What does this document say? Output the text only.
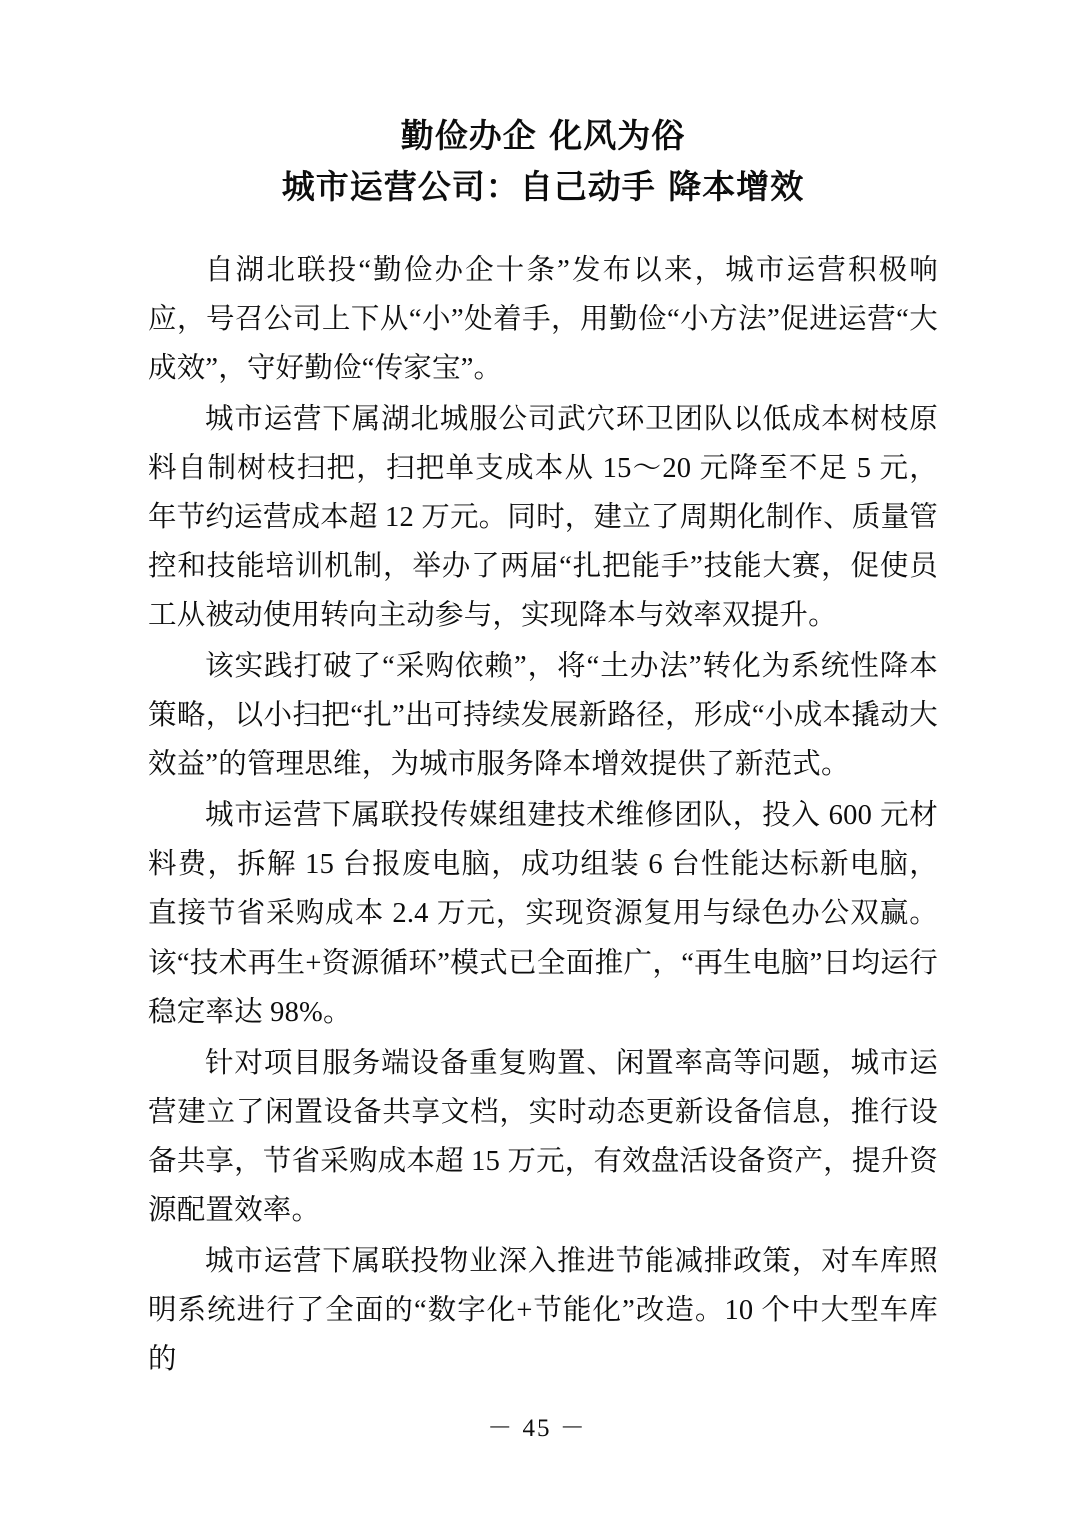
勤俭办企 化风为俗
城市运营公司：自己动手 降本增效

自湖北联投“勤俭办企十条”发布以来，城市运营积极响应，号召公司上下从“小”处着手，用勤俭“小方法”促进运营“大成效”，守好勤俭“传家宝”。

城市运营下属湖北城服公司武穴环卫团队以低成本树枝原料自制树枝扫把，扫把单支成本从 15～20 元降至不足 5 元，年节约运营成本超 12 万元。同时，建立了周期化制作、质量管控和技能培训机制，举办了两届“扎把能手”技能大赛，促使员工从被动使用转向主动参与，实现降本与效率双提升。

该实践打破了“采购依赖”，将“土办法”转化为系统性降本策略，以小扫把“扎”出可持续发展新路径，形成“小成本撬动大效益”的管理思维，为城市服务降本增效提供了新范式。

城市运营下属联投传媒组建技术维修团队，投入 600 元材料费，拆解 15 台报废电脑，成功组装 6 台性能达标新电脑，直接节省采购成本 2.4 万元，实现资源复用与绿色办公双赢。该“技术再生+资源循环”模式已全面推广，“再生电脑”日均运行稳定率达 98%。

针对项目服务端设备重复购置、闲置率高等问题，城市运营建立了闲置设备共享文档，实时动态更新设备信息，推行设备共享，节省采购成本超 15 万元，有效盘活设备资产，提升资源配置效率。

城市运营下属联投物业深入推进节能减排政策，对车库照明系统进行了全面的“数字化+节能化”改造。10 个中大型车库的

－ 45 －
